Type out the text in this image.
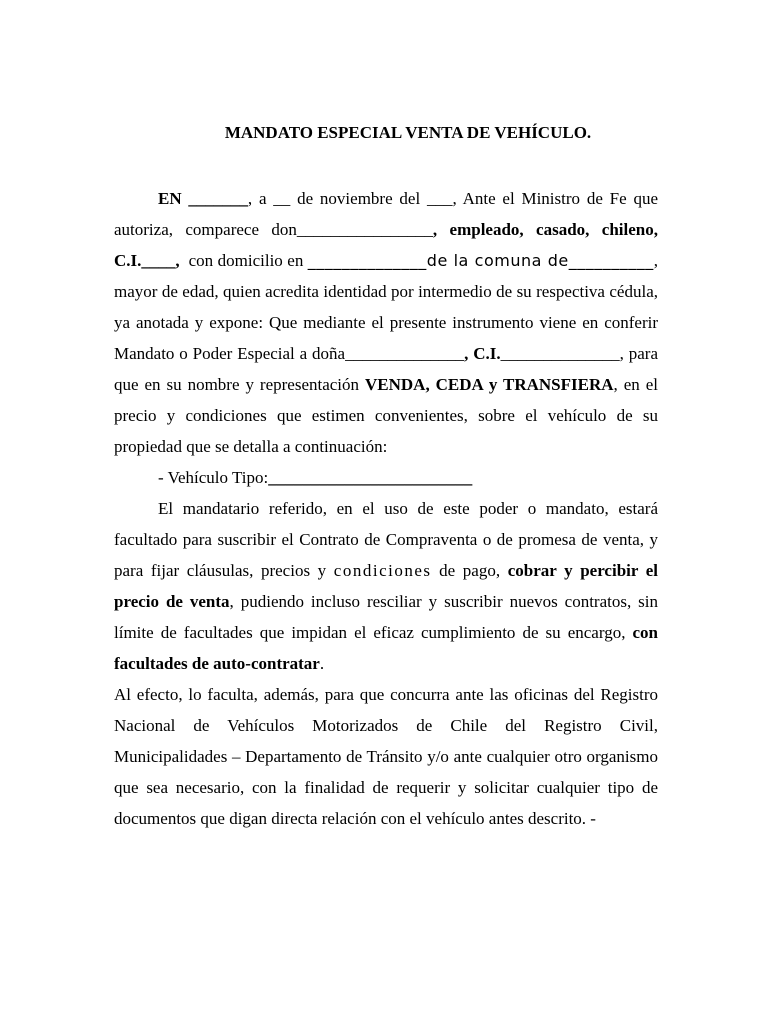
MANDATO ESPECIAL VENTA DE VEHÍCULO.

EN _______, a __ de noviembre del ___, Ante el Ministro de Fe que autoriza, comparece don________________, empleado, casado, chileno, C.I.____,  con domicilio en ______________de la comuna de__________, mayor de edad, quien acredita identidad por intermedio de su respectiva cédula, ya anotada y expone: Que mediante el presente instrumento viene en conferir Mandato o Poder Especial a doña______________, C.I.______________, para que en su nombre y representación VENDA, CEDA y TRANSFIERA, en el precio y condiciones que estimen convenientes, sobre el vehículo de su propiedad que se detalla a continuación:

- Vehículo Tipo:________________________

El mandatario referido, en el uso de este poder o mandato, estará facultado para suscribir el Contrato de Compraventa o de promesa de venta, y para fijar cláusulas, precios y condiciones de pago, cobrar y percibir el precio de venta, pudiendo incluso resciliar y suscribir nuevos contratos, sin límite de facultades que impidan el eficaz cumplimiento de su encargo, con facultades de auto-contratar.

Al efecto, lo faculta, además, para que concurra ante las oficinas del Registro Nacional de Vehículos Motorizados de Chile del Registro Civil, Municipalidades – Departamento de Tránsito y/o ante cualquier otro organismo que sea necesario, con la finalidad de requerir y solicitar cualquier tipo de documentos que digan directa relación con el vehículo antes descrito. -
